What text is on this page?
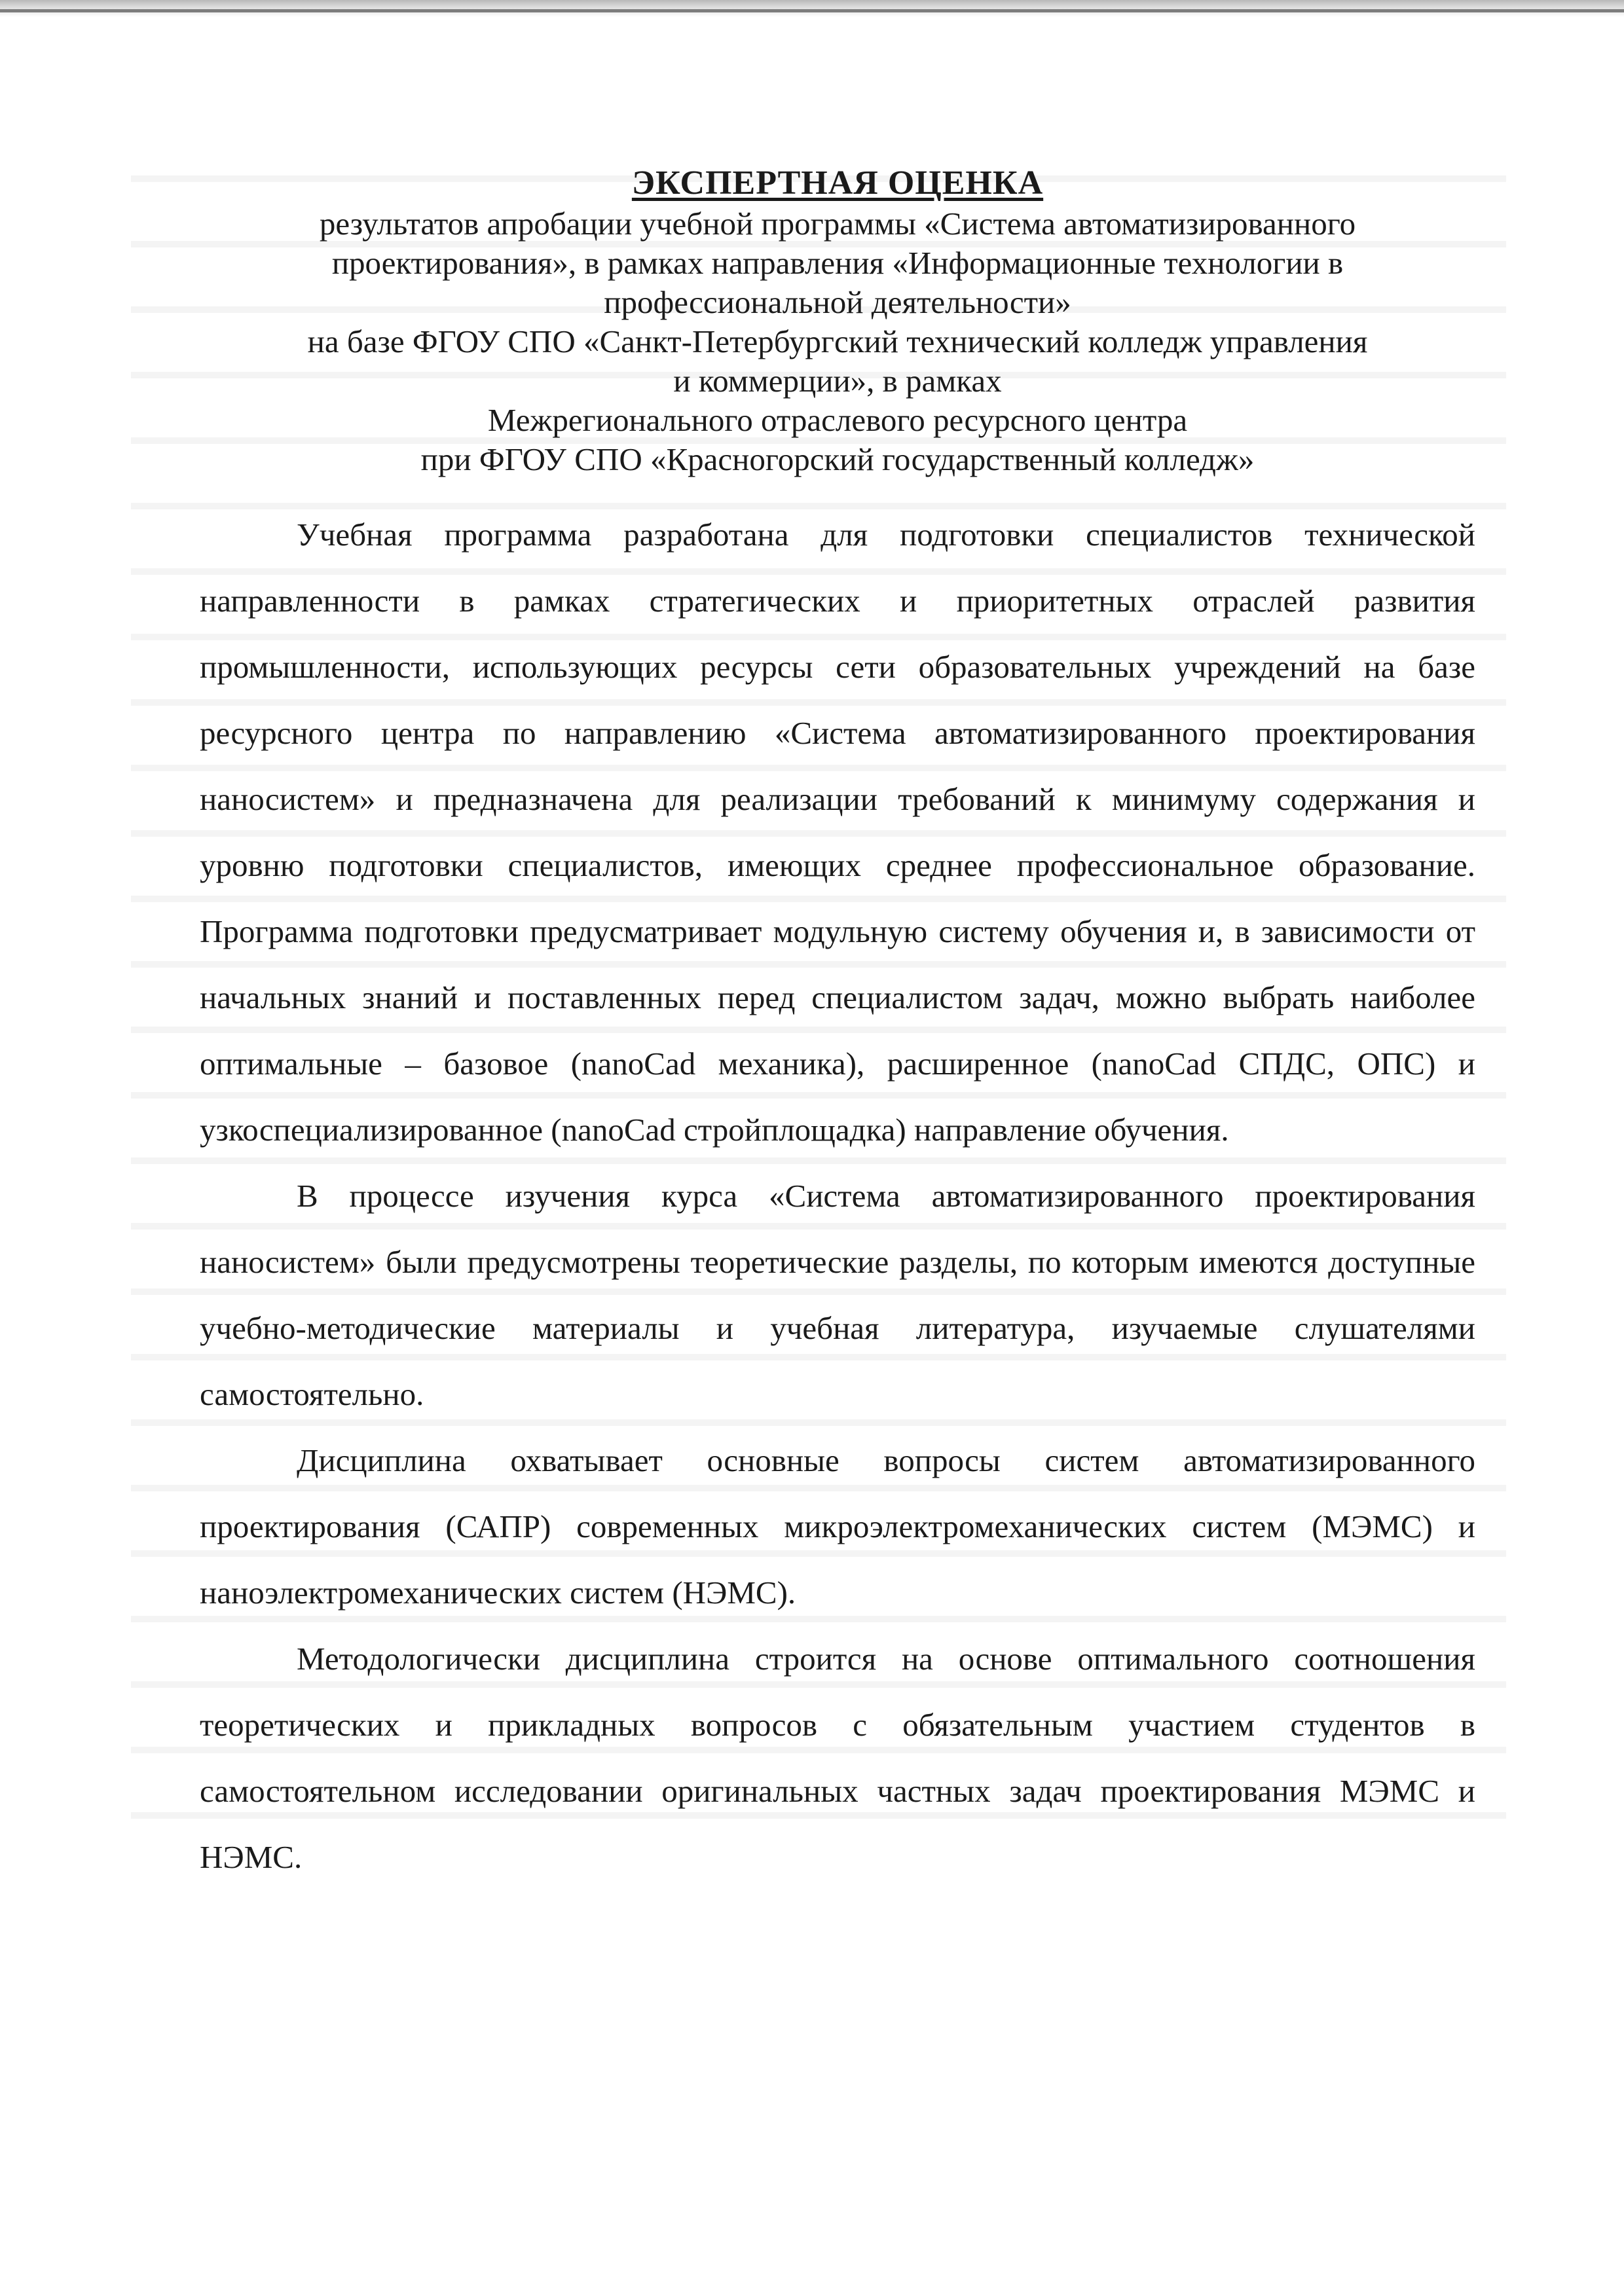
ЭКСПЕРТНАЯ ОЦЕНКА
результатов апробации учебной программы «Система автоматизированного
проектирования», в рамках направления «Информационные технологии в
профессиональной деятельности»
на базе ФГОУ СПО «Санкт-Петербургский технический колледж управления
и коммерции», в рамках
Межрегионального отраслевого ресурсного центра
при ФГОУ СПО «Красногорский государственный колледж»

Учебная программа разработана для подготовки специалистов технической направленности в рамках стратегических и приоритетных отраслей развития промышленности, использующих ресурсы сети образовательных учреждений на базе ресурсного центра по направлению «Система автоматизированного проектирования наносистем» и предназначена для реализации требований к минимуму содержания и уровню подготовки специалистов, имеющих среднее профессиональное образование. Программа подготовки предусматривает модульную систему обучения и, в зависимости от начальных знаний и поставленных перед специалистом задач, можно выбрать наиболее оптимальные – базовое (nanoCad механика), расширенное (nanoCad СПДС, ОПС) и узкоспециализированное (nanoCad стройплощадка) направление обучения.

В процессе изучения курса «Система автоматизированного проектирования наносистем» были предусмотрены теоретические разделы, по которым имеются доступные учебно-методические материалы и учебная литература, изучаемые слушателями самостоятельно.

Дисциплина охватывает основные вопросы систем автоматизированного проектирования (САПР) современных микроэлектромеханических систем (МЭМС) и наноэлектромеханических систем (НЭМС).

Методологически дисциплина строится на основе оптимального соотношения теоретических и прикладных вопросов с обязательным участием студентов в самостоятельном исследовании оригинальных частных задач проектирования МЭМС и НЭМС.
